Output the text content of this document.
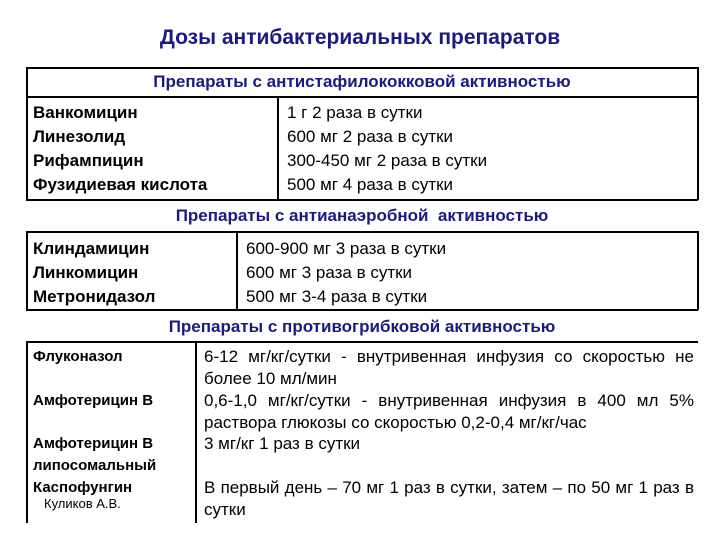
Дозы антибактериальных препаратов
Препараты с антистафилококковой активностью
Ванкомицин
Линезолид
Рифампицин
Фузидиевая кислота
1 г 2 раза в сутки
600 мг 2 раза в сутки
300-450 мг 2 раза в сутки
500 мг 4 раза в сутки
Препараты с антианаэробной  активностью
Клиндамицин
Линкомицин
Метронидазол
600-900 мг 3 раза в сутки
600 мг 3 раза в сутки
500 мг 3-4 раза в сутки
Препараты с противогрибковой активностью
Флуконазол
Амфотерицин В
Амфотерицин В липосомальный
Каспофунгин
6-12 мг/кг/сутки - внутривенная инфузия со скоростью не более 10 мл/мин
0,6-1,0 мг/кг/сутки - внутривенная инфузия в 400 мл 5% раствора глюкозы со скоростью 0,2-0,4 мг/кг/час
3 мг/кг 1 раз в сутки
В первый день – 70 мг 1 раз в сутки, затем – по 50 мг 1 раз в сутки
Куликов А.В.
